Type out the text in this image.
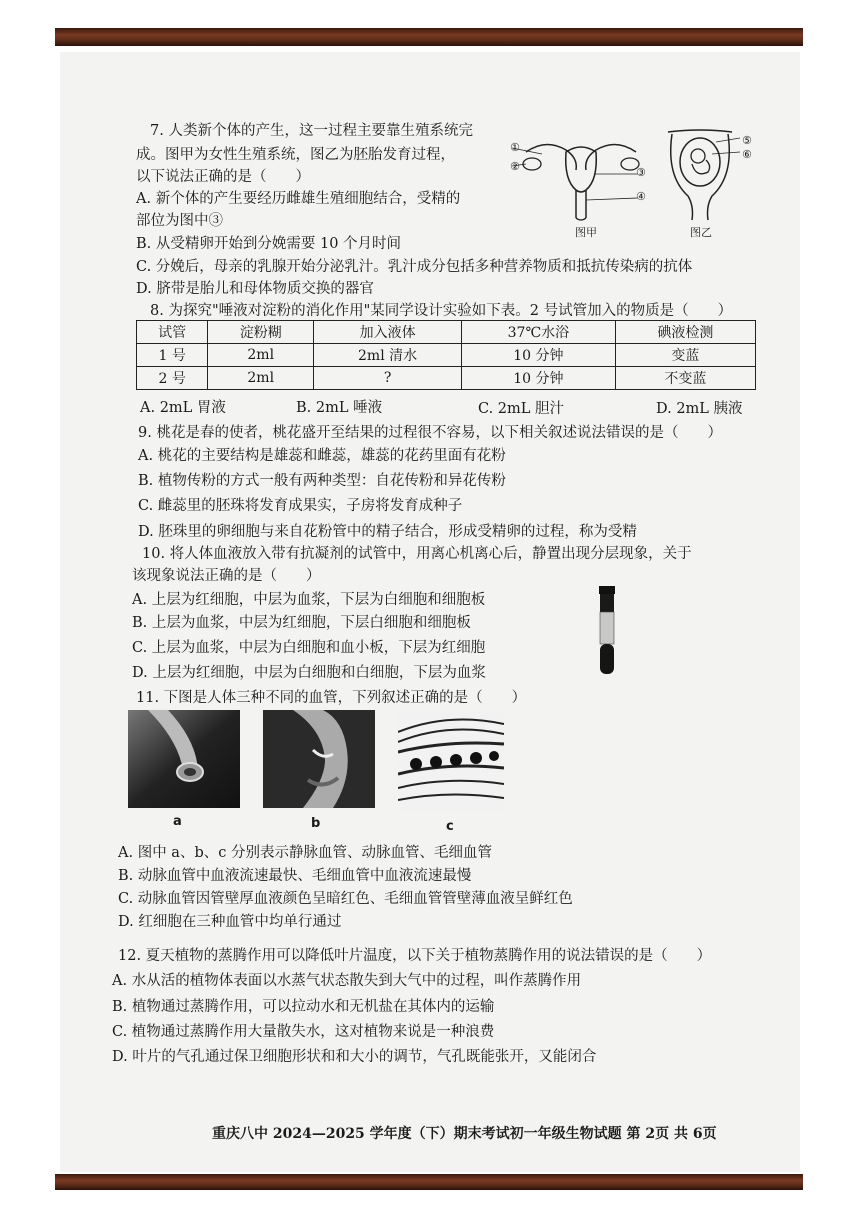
7. 人类新个体的产生，这一过程主要靠生殖系统完
成。图甲为女性生殖系统，图乙为胚胎发育过程，
以下说法正确的是（　　）
A. 新个体的产生要经历雌雄生殖细胞结合，受精的
部位为图中③
B. 从受精卵开始到分娩需要 10 个月时间
C. 分娩后，母亲的乳腺开始分泌乳汁。乳汁成分包括多种营养物质和抵抗传染病的抗体
D. 脐带是胎儿和母体物质交换的器官
①
②	③
④
图甲
⑤
⑥
图乙
8. 为探究"唾液对淀粉的消化作用"某同学设计实验如下表。2 号试管加入的物质是（　　）
试管	淀粉糊	加入液体	37℃水浴	碘液检测
1 号	2ml	2ml 清水	10 分钟	变蓝
2 号	2ml	?	10 分钟	不变蓝
A. 2mL 胃液	B. 2mL 唾液	C. 2mL 胆汁	D. 2mL 胰液
9. 桃花是春的使者，桃花盛开至结果的过程很不容易，以下相关叙述说法错误的是（　　）
A. 桃花的主要结构是雄蕊和雌蕊，雄蕊的花药里面有花粉
B. 植物传粉的方式一般有两种类型：自花传粉和异花传粉
C. 雌蕊里的胚珠将发育成果实，子房将发育成种子
D. 胚珠里的卵细胞与来自花粉管中的精子结合，形成受精卵的过程，称为受精
10. 将人体血液放入带有抗凝剂的试管中，用离心机离心后，静置出现分层现象，关于
该现象说法正确的是（　　）
A. 上层为红细胞，中层为血浆，下层为白细胞和细胞板
B. 上层为血浆，中层为红细胞，下层白细胞和细胞板
C. 上层为血浆，中层为白细胞和血小板，下层为红细胞
D. 上层为红细胞，中层为白细胞和白细胞，下层为血浆
11. 下图是人体三种不同的血管，下列叙述正确的是（　　）
a	b	c
A. 图中 a、b、c 分别表示静脉血管、动脉血管、毛细血管
B. 动脉血管中血液流速最快、毛细血管中血液流速最慢
C. 动脉血管因管壁厚血液颜色呈暗红色、毛细血管管壁薄血液呈鲜红色
D. 红细胞在三种血管中均单行通过
12. 夏天植物的蒸腾作用可以降低叶片温度，以下关于植物蒸腾作用的说法错误的是（　　）
A. 水从活的植物体表面以水蒸气状态散失到大气中的过程，叫作蒸腾作用
B. 植物通过蒸腾作用，可以拉动水和无机盐在其体内的运输
C. 植物通过蒸腾作用大量散失水，这对植物来说是一种浪费
D. 叶片的气孔通过保卫细胞形状和和大小的调节，气孔既能张开，又能闭合
重庆八中 2024—2025 学年度（下）期末考试初一年级生物试题 第 2页 共 6页
